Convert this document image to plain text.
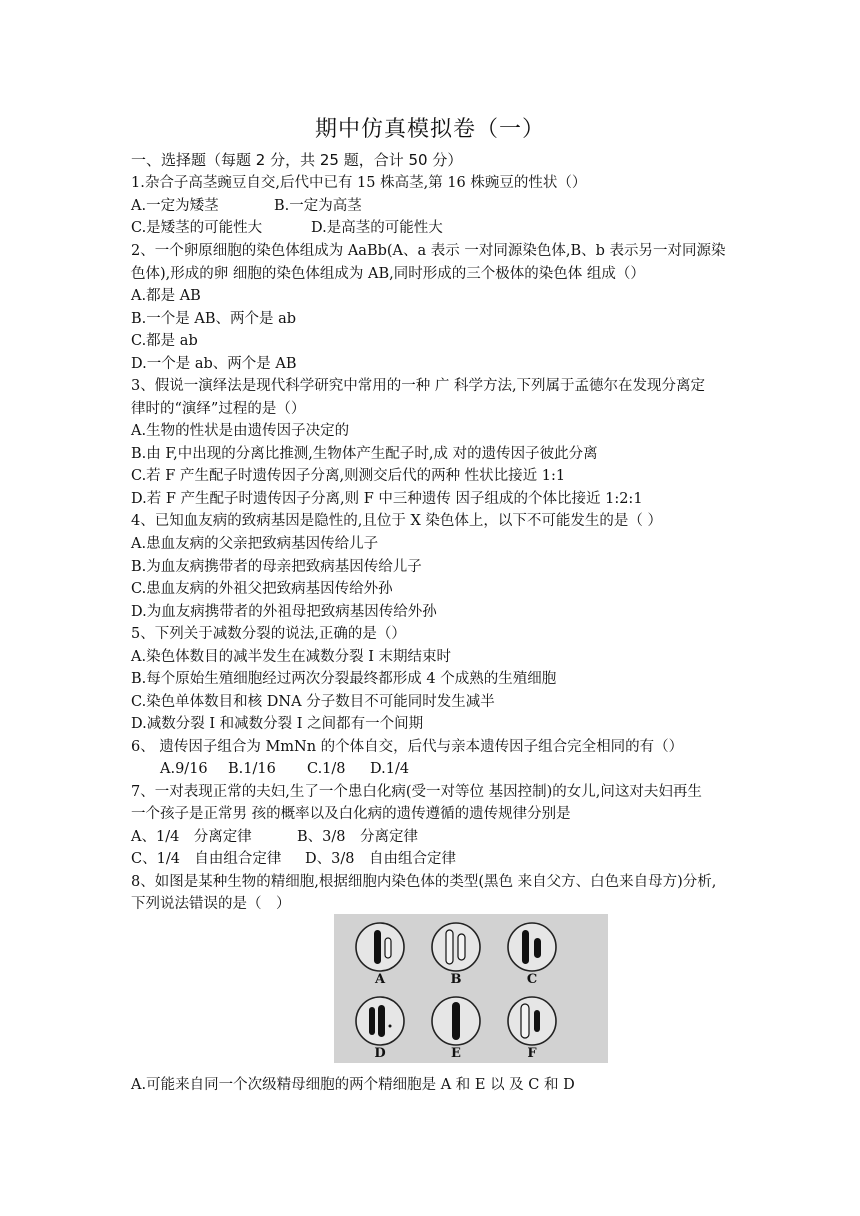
期中仿真模拟卷（一）
一、选择题（每题 2 分，共 25 题，合计 50 分）
1.杂合子高茎豌豆自交,后代中已有 15 株高茎,第 16 株豌豆的性状（）
A.一定为矮茎	B.一定为高茎
C.是矮茎的可能性大	D.是高茎的可能性大
2、一个卵原细胞的染色体组成为 AaBb(A、a 表示 一对同源染色体,B、b 表示另一对同源染
色体),形成的卵 细胞的染色体组成为 AB,同时形成的三个极体的染色体 组成（）
A.都是 AB
B.一个是 AB、两个是 ab
C.都是 ab
D.一个是 ab、两个是 AB
3、假说一演绎法是现代科学研究中常用的一种 广 科学方法,下列属于孟德尔在发现分离定
律时的“演绎”过程的是（）
A.生物的性状是由遗传因子决定的
B.由 F,中出现的分离比推测,生物体产生配子时,成 对的遗传因子彼此分离
C.若 F 产生配子时遗传因子分离,则测交后代的两种 性状比接近 1:1
D.若 F 产生配子时遗传因子分离,则 F 中三种遗传 因子组成的个体比接近 1:2:1
4、已知血友病的致病基因是隐性的,且位于 X 染色体上，以下不可能发生的是（ ）
A.患血友病的父亲把致病基因传给儿子
B.为血友病携带者的母亲把致病基因传给儿子
C.患血友病的外祖父把致病基因传给外孙
D.为血友病携带者的外祖母把致病基因传给外孙
5、下列关于减数分裂的说法,正确的是（）
A.染色体数目的减半发生在减数分裂 I 末期结束时
B.每个原始生殖细胞经过两次分裂最终都形成 4 个成熟的生殖细胞
C.染色单体数目和核 DNA 分子数目不可能同时发生减半
D.减数分裂 I 和减数分裂 I 之间都有一个间期
6、 遗传因子组合为 MmNn 的个体自交，后代与亲本遗传因子组合完全相同的有（）
A.9/16 B.1/16 C.1/8 D.1/4
7、一对表现正常的夫妇,生了一个患白化病(受一对等位 基因控制)的女儿,问这对夫妇再生
一个孩子是正常男 孩的概率以及白化病的遗传遵循的遗传规律分别是
A、1/4　分离定律	B、3/8　分离定律
C、1/4　自由组合定律 D、3/8　自由组合定律
8、如图是某种生物的精细胞,根据细胞内染色体的类型(黑色 来自父方、白色来自母方)分析,
下列说法错误的是（　）
A	B	C
D	E	F
A.可能来自同一个次级精母细胞的两个精细胞是 A 和 E 以 及 C 和 D
